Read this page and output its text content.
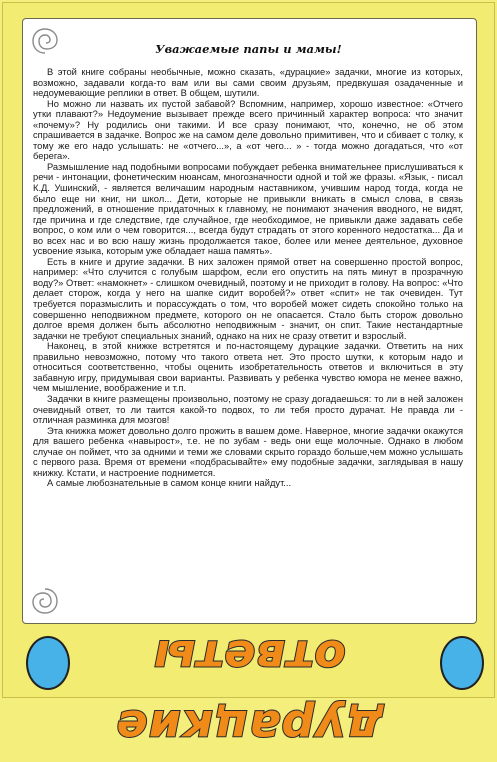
Уважаемые папы и мамы!

В этой книге собраны необычные, можно сказать, «дурацкие» задачки, многие из которых, возможно, задавали когда-то вам или вы сами своим друзьям, предвкушая озадаченные и недоумевающие реплики в ответ. В общем, шутили.

Но можно ли назвать их пустой забавой? Вспомним, например, хорошо известное: «Отчего утки плавают?» Недоумение вызывает прежде всего причинный характер вопроса: что значит «почему»? Ну родились они такими. И все сразу понимают, что, конечно, не об этом спрашивается в задачке. Вопрос же на самом деле довольно примитивен, что и сбивает с толку, к тому же его надо услышать: не «отчего...», а «от чего... » - тогда можно догадаться, что «от берега».

Размышление над подобными вопросами побуждает ребенка внимательнее прислушиваться к речи - интонации, фонетическим нюансам, многозначности одной и той же фразы. «Язык, - писал К.Д. Ушинский, - является величашим народным наставником, учившим народ тогда, когда не было еще ни книг, ни школ... Дети, которые не привыкли вникать в смысл слова, в связь предложений, в отношение придаточных к главному, не понимают значения вводного, не видят, где причина и где следствие, где случайное, где необходимое, не привыкли даже задавать себе вопрос, о ком или о чем говорится..., всегда будут страдать от этого коренного недостатка... Да и во всех нас и во всю нашу жизнь продолжается такое, более или менее деятельное, духовное усвоение языка, которым уже обладает наша память».

Есть в книге и другие задачки. В них заложен прямой ответ на совершенно простой вопрос, например: «Что случится с голубым шарфом, если его опустить на пять минут в прозрачную воду?» Ответ: «намокнет» - слишком очевидный, поэтому и не приходит в голову. На вопрос: «Что делает сторож, когда у него на шапке сидит воробей?» ответ «спит» не так очевиден. Тут требуется поразмыслить и порассуждать о том, что воробей может сидеть спокойно только на совершенно неподвижном предмете, которого он не опасается. Стало быть сторож довольно долгое время должен быть абсолютно неподвижным - значит, он спит. Такие нестандартные задачки не требуют специальных знаний, однако на них не сразу ответит и взрослый.

Наконец, в этой книжке встретятся и по-настоящему дурацкие задачки. Ответить на них правильно невозможно, потому что такого ответа нет. Это просто шутки, к которым надо и относиться соответственно, чтобы оценить изобретательность ответов и включиться в эту забавную игру, придумывая свои варианты. Развивать у ребенка чувство юмора не менее важно, чем мышление, воображение и т.п.

Задачки в книге размещены произвольно, поэтому не сразу догадаешься: то ли в ней заложен очевидный ответ, то ли таится какой-то подвох, то ли тебя просто дурачат. Не правда ли - отличная разминка для мозгов!

Эта книжка может довольно долго прожить в вашем доме. Наверное, многие задачки окажутся для вашего ребенка «навырост», т.е. не по зубам - ведь они еще молочные. Однако в любом случае он поймет, что за одними и теми же словами скрыто гораздо больше,чем можно услышать с первого раза. Время от времени «подбрасывайте» ему подобные задачки, заглядывая в нашу книжку. Кстати, и настроение поднимется.

А самые любознательные в самом конце книги найдут...

дурацкие ответы
